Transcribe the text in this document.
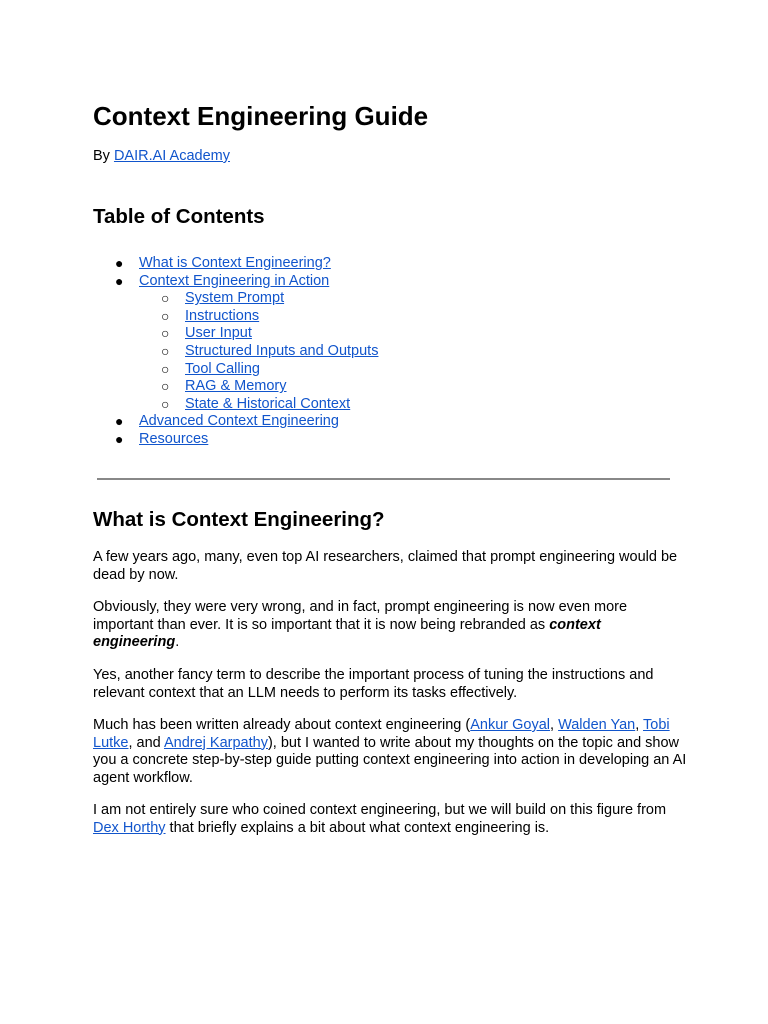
Context Engineering Guide

By DAIR.AI Academy

Table of Contents
● What is Context Engineering?
● Context Engineering in Action
○ System Prompt
○ Instructions
○ User Input
○ Structured Inputs and Outputs
○ Tool Calling
○ RAG & Memory
○ State & Historical Context
● Advanced Context Engineering
● Resources
What is Context Engineering?

A few years ago, many, even top AI researchers, claimed that prompt engineering would be
dead by now.

Obviously, they were very wrong, and in fact, prompt engineering is now even more
important than ever. It is so important that it is now being rebranded as context
engineering.

Yes, another fancy term to describe the important process of tuning the instructions and
relevant context that an LLM needs to perform its tasks effectively.

Much has been written already about context engineering (Ankur Goyal, Walden Yan, Tobi
Lutke, and Andrej Karpathy), but I wanted to write about my thoughts on the topic and show
you a concrete step-by-step guide putting context engineering into action in developing an AI
agent workflow.

I am not entirely sure who coined context engineering, but we will build on this figure from
Dex Horthy that briefly explains a bit about what context engineering is.
